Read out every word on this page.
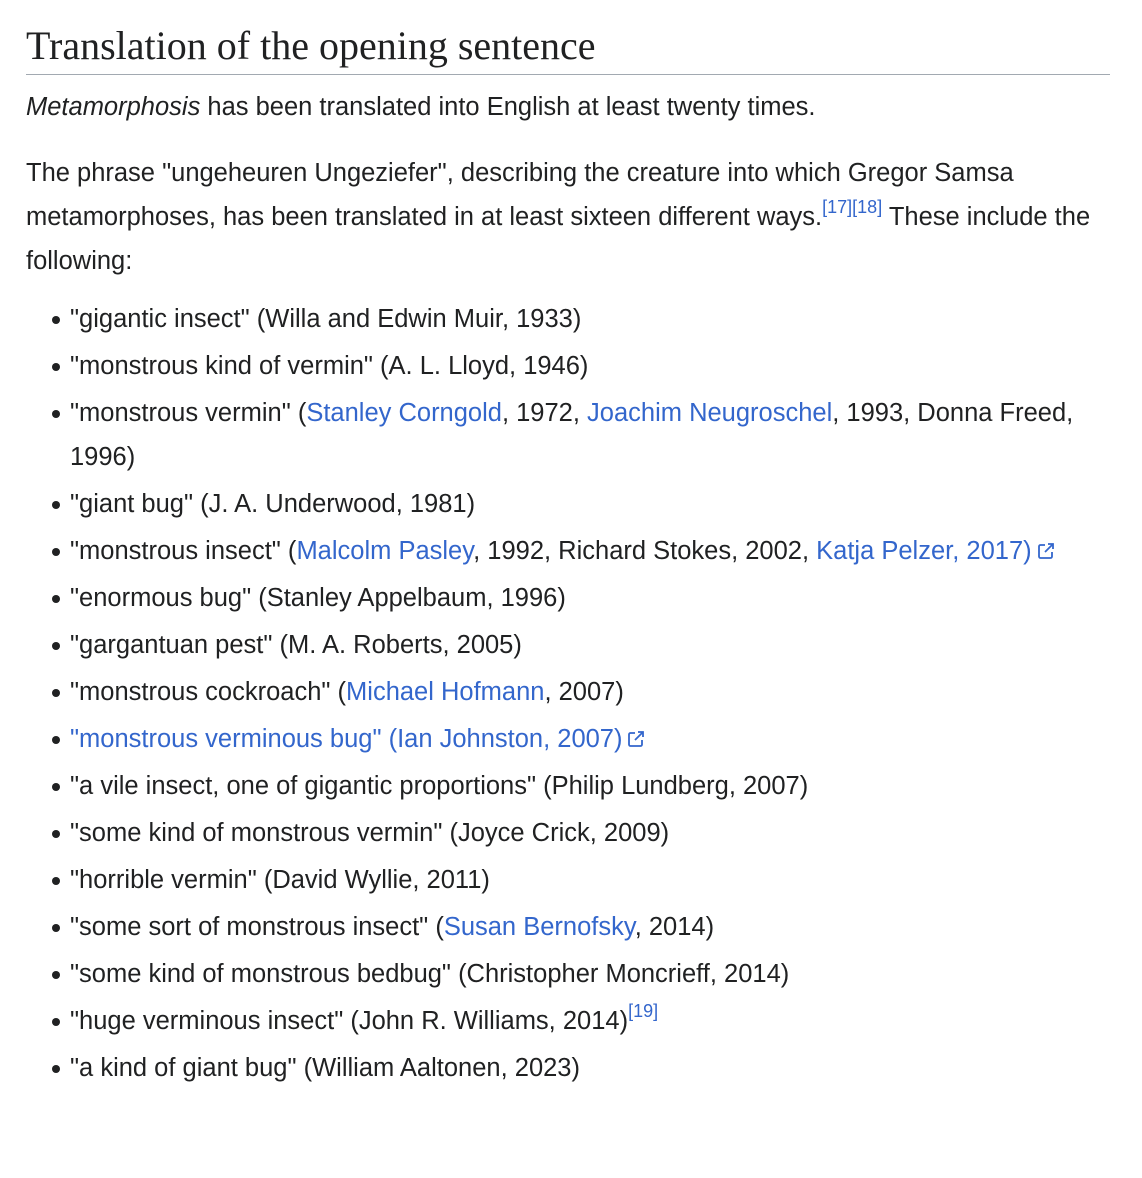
Translation of the opening sentence

Metamorphosis has been translated into English at least twenty times.

The phrase "ungeheuren Ungeziefer", describing the creature into which Gregor Samsa metamorphoses, has been translated in at least sixteen different ways.[17][18] These include the following:

"gigantic insect" (Willa and Edwin Muir, 1933)
"monstrous kind of vermin" (A. L. Lloyd, 1946)
"monstrous vermin" (Stanley Corngold, 1972, Joachim Neugroschel, 1993, Donna Freed, 1996)
"giant bug" (J. A. Underwood, 1981)
"monstrous insect" (Malcolm Pasley, 1992, Richard Stokes, 2002, Katja Pelzer, 2017)
"enormous bug" (Stanley Appelbaum, 1996)
"gargantuan pest" (M. A. Roberts, 2005)
"monstrous cockroach" (Michael Hofmann, 2007)
"monstrous verminous bug" (Ian Johnston, 2007)
"a vile insect, one of gigantic proportions" (Philip Lundberg, 2007)
"some kind of monstrous vermin" (Joyce Crick, 2009)
"horrible vermin" (David Wyllie, 2011)
"some sort of monstrous insect" (Susan Bernofsky, 2014)
"some kind of monstrous bedbug" (Christopher Moncrieff, 2014)
"huge verminous insect" (John R. Williams, 2014)[19]
"a kind of giant bug" (William Aaltonen, 2023)
